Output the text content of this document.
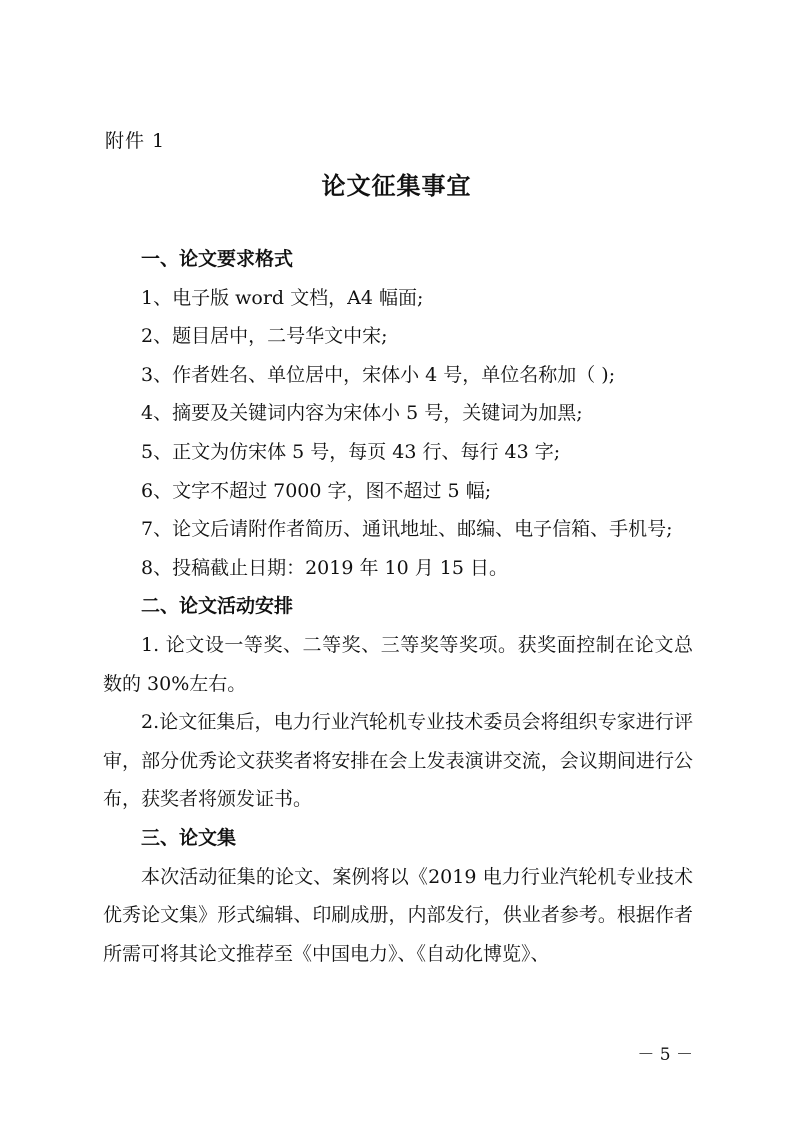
附件 1
论文征集事宜

一、论文要求格式

1、电子版 word 文档，A4 幅面;

2、题目居中，二号华文中宋;

3、作者姓名、单位居中，宋体小 4 号，单位名称加（ );

4、摘要及关键词内容为宋体小 5 号，关键词为加黑;

5、正文为仿宋体 5 号，每页 43 行、每行 43 字;

6、文字不超过 7000 字，图不超过 5 幅;

7、论文后请附作者简历、通讯地址、邮编、电子信箱、手机号;

8、投稿截止日期：2019 年 10 月 15 日。

二、论文活动安排

1. 论文设一等奖、二等奖、三等奖等奖项。获奖面控制在论文总数的 30%左右。

2.论文征集后，电力行业汽轮机专业技术委员会将组织专家进行评审，部分优秀论文获奖者将安排在会上发表演讲交流，会议期间进行公布，获奖者将颁发证书。

三、论文集

本次活动征集的论文、案例将以《2019 电力行业汽轮机专业技术优秀论文集》形式编辑、印刷成册，内部发行，供业者参考。根据作者所需可将其论文推荐至《中国电力》、《自动化博览》、

－ 5 －
